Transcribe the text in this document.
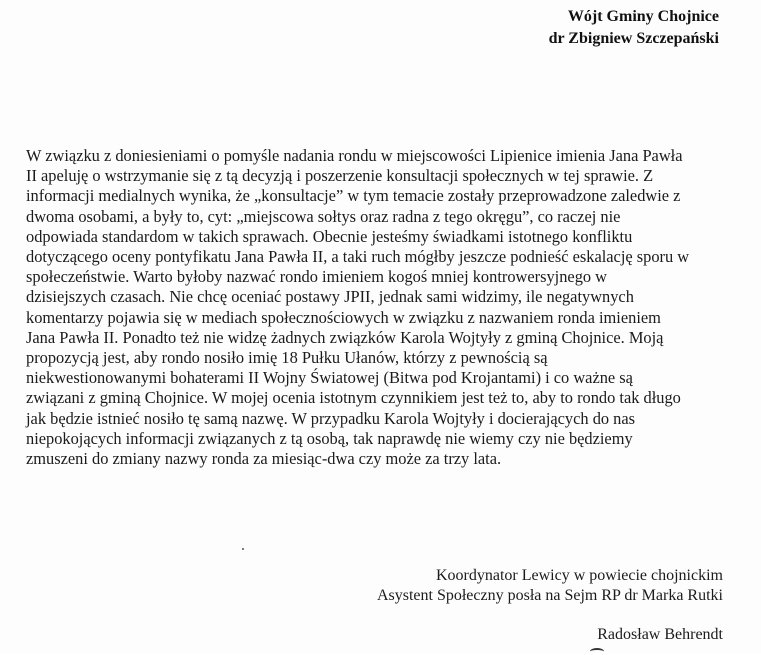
Wójt Gminy Chojnice
dr Zbigniew Szczepański
W związku z doniesieniami o pomyśle nadania rondu w miejscowości Lipienice imienia Jana Pawła
II apeluję o wstrzymanie się z tą decyzją i poszerzenie konsultacji społecznych w tej sprawie. Z
informacji medialnych wynika, że „konsultacje” w tym temacie zostały przeprowadzone zaledwie z
dwoma osobami, a były to, cyt: „miejscowa sołtys oraz radna z tego okręgu”, co raczej nie
odpowiada standardom w takich sprawach. Obecnie jesteśmy świadkami istotnego konfliktu
dotyczącego oceny pontyfikatu Jana Pawła II, a taki ruch mógłby jeszcze podnieść eskalację sporu w
społeczeństwie. Warto byłoby nazwać rondo imieniem kogoś mniej kontrowersyjnego w
dzisiejszych czasach. Nie chcę oceniać postawy JPII, jednak sami widzimy, ile negatywnych
komentarzy pojawia się w mediach społecznościowych w związku z nazwaniem ronda imieniem
Jana Pawła II. Ponadto też nie widzę żadnych związków Karola Wojtyły z gminą Chojnice. Moją
propozycją jest, aby rondo nosiło imię 18 Pułku Ułanów, którzy z pewnością są
niekwestionowanymi bohaterami II Wojny Światowej (Bitwa pod Krojantami) i co ważne są
związani z gminą Chojnice. W mojej ocenia istotnym czynnikiem jest też to, aby to rondo tak długo
jak będzie istnieć nosiło tę samą nazwę. W przypadku Karola Wojtyły i docierających do nas
niepokojących informacji związanych z tą osobą, tak naprawdę nie wiemy czy nie będziemy
zmuszeni do zmiany nazwy ronda za miesiąc-dwa czy może za trzy lata.
Koordynator Lewicy w powiecie chojnickim
Asystent Społeczny posła na Sejm RP dr Marka Rutki
Radosław Behrendt
